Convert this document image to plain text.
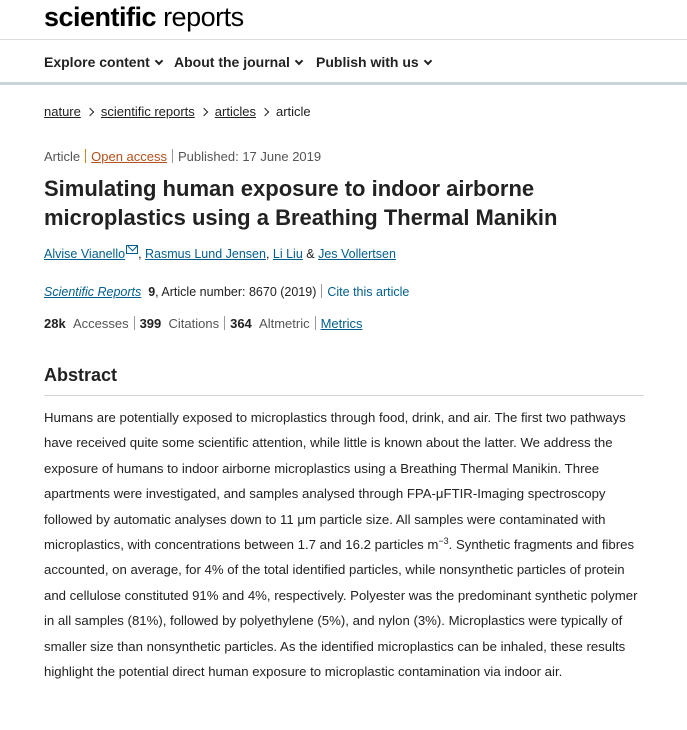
scientific reports
Explore content	About the journal	Publish with us
nature scientific reports articles article
Article Open access Published: 17 June 2019
Simulating human exposure to indoor airborne microplastics using a Breathing Thermal Manikin
Alvise Vianello , Rasmus Lund Jensen, Li Liu & Jes Vollertsen
Scientific Reports 9, Article number: 8670 (2019) Cite this article
28k Accesses 399 Citations 364 Altmetric Metrics
Abstract

Humans are potentially exposed to microplastics through food, drink, and air. The first two pathways have received quite some scientific attention, while little is known about the latter. We address the exposure of humans to indoor airborne microplastics using a Breathing Thermal Manikin. Three apartments were investigated, and samples analysed through FPA-μFTIR-Imaging spectroscopy followed by automatic analyses down to 11 μm particle size. All samples were contaminated with microplastics, with concentrations between 1.7 and 16.2 particles $m^{-3}$. Synthetic fragments and fibres accounted, on average, for 4% of the total identified particles, while nonsynthetic particles of protein and cellulose constituted 91% and 4%, respectively. Polyester was the predominant synthetic polymer in all samples (81%), followed by polyethylene (5%), and nylon (3%). Microplastics were typically of smaller size than nonsynthetic particles. As the identified microplastics can be inhaled, these results highlight the potential direct human exposure to microplastic contamination via indoor air.
